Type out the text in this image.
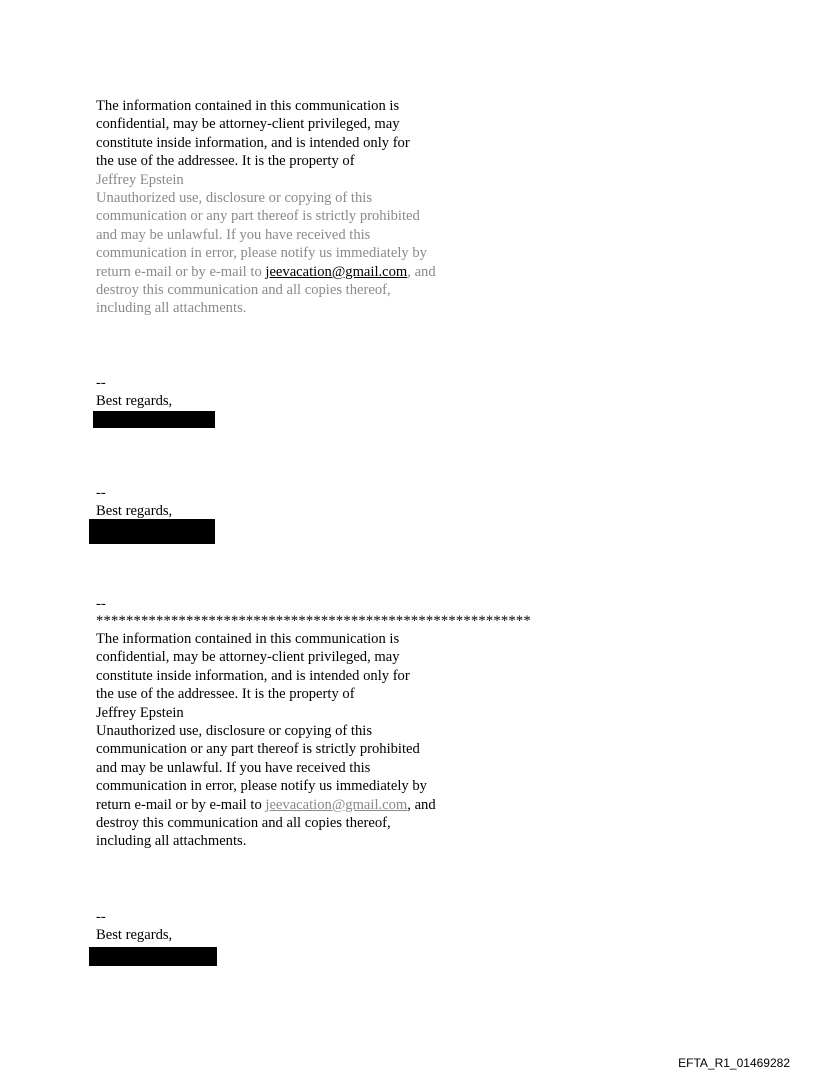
The information contained in this communication is
confidential, may be attorney-client privileged, may
constitute inside information, and is intended only for
the use of the addressee. It is the property of
Jeffrey Epstein
Unauthorized use, disclosure or copying of this
communication or any part thereof is strictly prohibited
and may be unlawful. If you have received this
communication in error, please notify us immediately by
return e-mail or by e-mail to jeevacation@gmail.com, and
destroy this communication and all copies thereof,
including all attachments.
--
Best regards,
--
Best regards,
--
**********************************************************
The information contained in this communication is
confidential, may be attorney-client privileged, may
constitute inside information, and is intended only for
the use of the addressee. It is the property of
Jeffrey Epstein
Unauthorized use, disclosure or copying of this
communication or any part thereof is strictly prohibited
and may be unlawful. If you have received this
communication in error, please notify us immediately by
return e-mail or by e-mail to jeevacation@gmail.com, and
destroy this communication and all copies thereof,
including all attachments.
--
Best regards,
EFTA_R1_01469282
